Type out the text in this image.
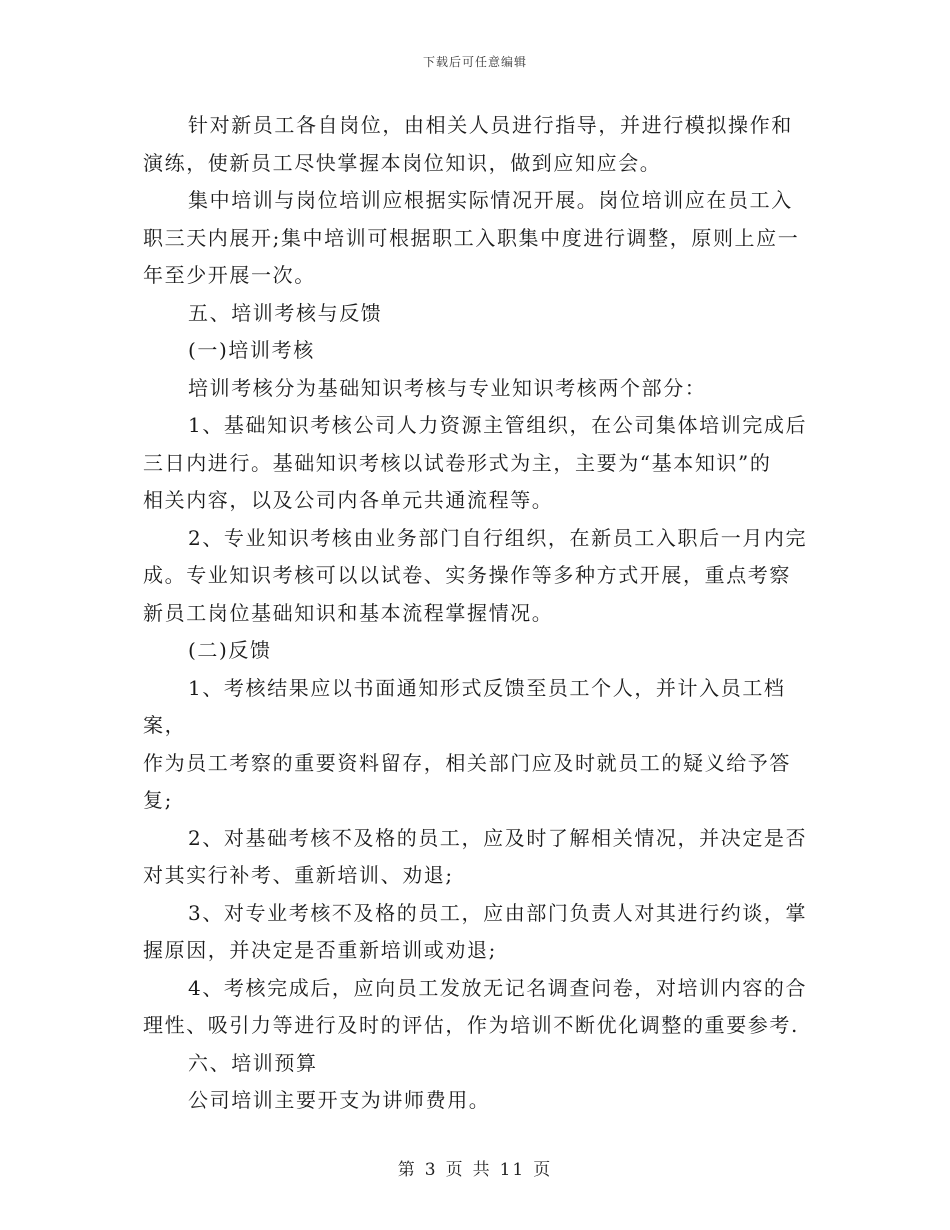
下载后可任意编辑

针对新员工各自岗位，由相关人员进行指导，并进行模拟操作和
演练，使新员工尽快掌握本岗位知识，做到应知应会。

集中培训与岗位培训应根据实际情况开展。岗位培训应在员工入
职三天内展开;集中培训可根据职工入职集中度进行调整，原则上应一
年至少开展一次。

五、培训考核与反馈

(一)培训考核

培训考核分为基础知识考核与专业知识考核两个部分：

1、基础知识考核公司人力资源主管组织，在公司集体培训完成后
三日内进行。基础知识考核以试卷形式为主，主要为“基本知识”的
相关内容，以及公司内各单元共通流程等。

2、专业知识考核由业务部门自行组织，在新员工入职后一月内完
成。专业知识考核可以以试卷、实务操作等多种方式开展，重点考察
新员工岗位基础知识和基本流程掌握情况。

(二)反馈

1、考核结果应以书面通知形式反馈至员工个人，并计入员工档案，
作为员工考察的重要资料留存，相关部门应及时就员工的疑义给予答
复;

2、对基础考核不及格的员工，应及时了解相关情况，并决定是否
对其实行补考、重新培训、劝退;

3、对专业考核不及格的员工，应由部门负责人对其进行约谈，掌
握原因，并决定是否重新培训或劝退;

4、考核完成后，应向员工发放无记名调查问卷，对培训内容的合
理性、吸引力等进行及时的评估，作为培训不断优化调整的重要参考.

六、培训预算

公司培训主要开支为讲师费用。

第 3 页 共 11 页
